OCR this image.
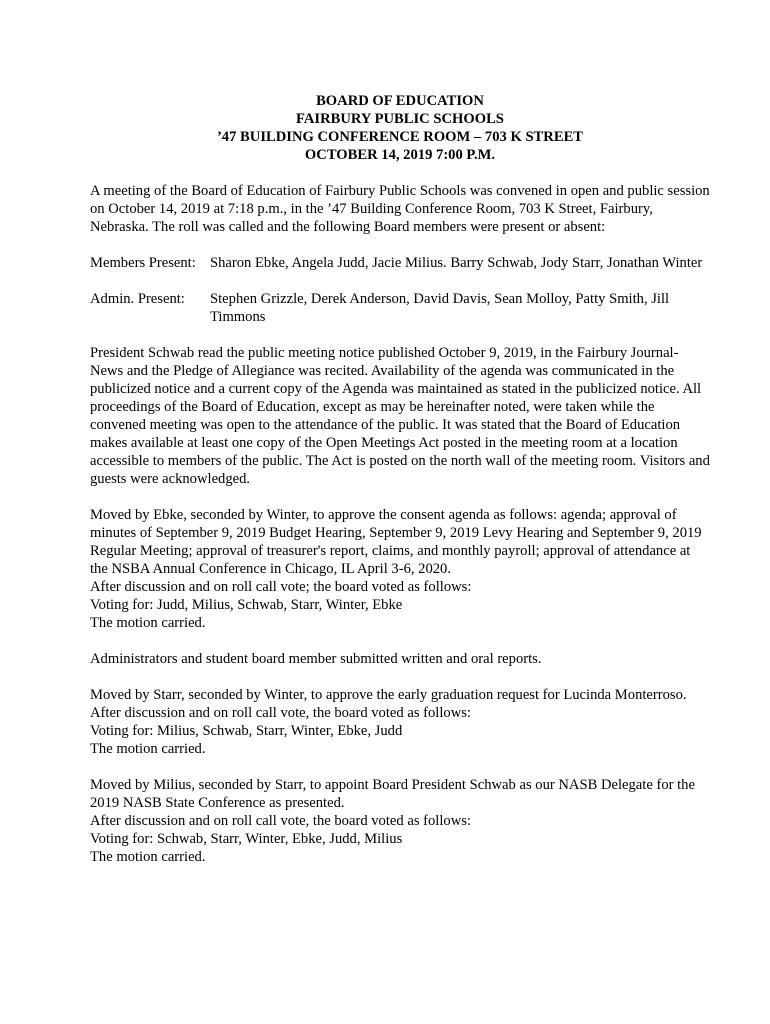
BOARD OF EDUCATION
FAIRBURY PUBLIC SCHOOLS
’47 BUILDING CONFERENCE ROOM – 703 K STREET
OCTOBER 14, 2019 7:00 P.M.

A meeting of the Board of Education of Fairbury Public Schools was convened in open and public session on October 14, 2019 at 7:18 p.m., in the ’47 Building Conference Room, 703 K Street, Fairbury, Nebraska. The roll was called and the following Board members were present or absent:

Members Present: Sharon Ebke, Angela Judd, Jacie Milius. Barry Schwab, Jody Starr, Jonathan Winter
Admin. Present:	Stephen Grizzle, Derek Anderson, David Davis, Sean Molloy, Patty Smith, Jill Timmons

President Schwab read the public meeting notice published October 9, 2019, in the Fairbury Journal-News and the Pledge of Allegiance was recited. Availability of the agenda was communicated in the publicized notice and a current copy of the Agenda was maintained as stated in the publicized notice. All proceedings of the Board of Education, except as may be hereinafter noted, were taken while the convened meeting was open to the attendance of the public. It was stated that the Board of Education makes available at least one copy of the Open Meetings Act posted in the meeting room at a location accessible to members of the public. The Act is posted on the north wall of the meeting room. Visitors and guests were acknowledged.

Moved by Ebke, seconded by Winter, to approve the consent agenda as follows: agenda; approval of minutes of September 9, 2019 Budget Hearing, September 9, 2019 Levy Hearing and September 9, 2019 Regular Meeting; approval of treasurer's report, claims, and monthly payroll; approval of attendance at the NSBA Annual Conference in Chicago, IL April 3-6, 2020.
After discussion and on roll call vote; the board voted as follows:
Voting for: Judd, Milius, Schwab, Starr, Winter, Ebke
The motion carried.

Administrators and student board member submitted written and oral reports.

Moved by Starr, seconded by Winter, to approve the early graduation request for Lucinda Monterroso. After discussion and on roll call vote, the board voted as follows:
Voting for: Milius, Schwab, Starr, Winter, Ebke, Judd
The motion carried.
Moved by Milius, seconded by Starr, to appoint Board President Schwab as our NASB Delegate for the 2019 NASB State Conference as presented.
After discussion and on roll call vote, the board voted as follows:
Voting for: Schwab, Starr, Winter, Ebke, Judd, Milius
The motion carried.
